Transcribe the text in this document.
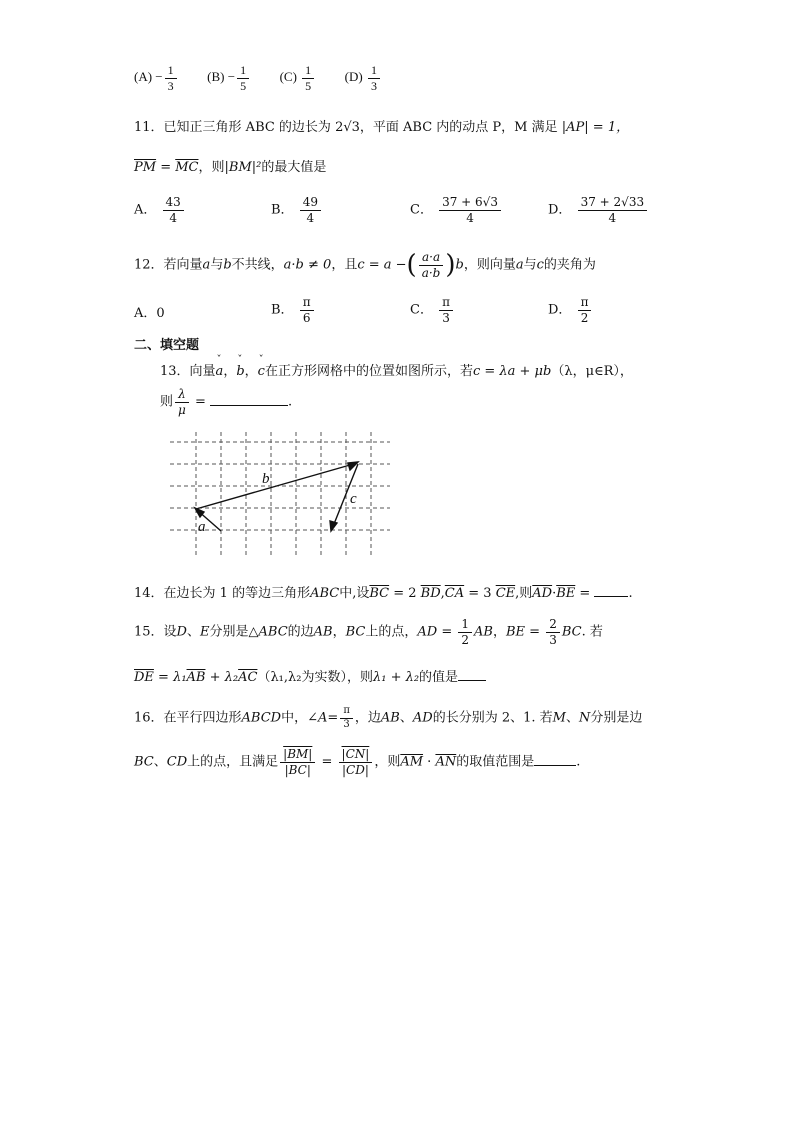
$(A) - \frac{1}{3} (B) - \frac{1}{5} (C) \frac{1}{5} (D) \frac{1}{3}$
11．已知正三角形 ABC 的边长为 2√3，平面 ABC 内的动点 P，M 满足 |AP| = 1，
$\overline{PM} = \overline{MC}$，则|BM|²的最大值是
A． $\frac{43}{4}$	B． $\frac{49}{4}$	C． $\frac{37 + 6√3}{4}$	D． $\frac{37 + 2√33}{4}$
12．若向量a与b不共线，a·b ≠ 0，且c = a −( $\frac{a\cdot a}{a\cdot b} )b$，则向量a与c的夹角为
A．0	B． $\frac{\pi}{6}$	C． $\frac{\pi}{3}$	D． $\frac{\pi}{2}$
二、填空题
13．向量ˇ a，ˇ b，ˇ c在正方形网格中的位置如图所示，若c = λa + μb（λ，μ∈R），
则 $\frac{\lambda}{\mu}$ =	.
a
b
c
14．在边长为 1 的等边三角形ABC中,设$\overline{BC} = 2$ $\overline{BD},\overline{CA} = 3$ $\overline{CE}$,则$\overline{AD}\cdot\overline{BE}$ =	.
15．设D、E分别是△ABC的边AB，BC上的点，AD = $\frac{1}{2}$ AB，BE = $\frac{2}{3}$ BC. 若
$\overline{DE} = \lambda_1\overline{AB} + \lambda_2\overline{AC}(\lambda_1,\lambda_2$为实数），则λ₁ + λ₂的值是
16．在平行四边形ABCD中，∠A= $\frac{\pi}{3}$ ，边AB、AD的长分别为 2、1. 若M、N分别是边
BC、CD上的点，且满足 $\frac{|BM|}{|BC|} = \frac{|CN|}{|CD|}$ ，则$\overline{AM} \cdot \overline{AN}$的取值范围是	.
